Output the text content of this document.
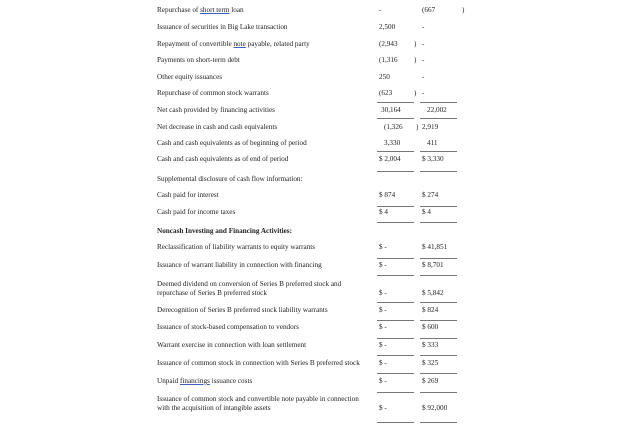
Repurchase of short term loan	-	(667	)
Issuance of securities in Big Lake transaction	2,500	-
Repayment of convertible note payable, related party	(2,943 ) -
Payments on short-term debt	(1,316 ) -
Other equity issuances	250	-
Repurchase of common stock warrants	(623	) -
Net cash provided by financing activities	30,164	22,002
Net decrease in cash and cash equivalents	(1,326 ) 2,919
Cash and cash equivalents as of beginning of period	3,330	411
Cash and cash equivalents as of end of period	$ 2,004	$ 3,330
Supplemental disclosure of cash flow information:
Cash paid for interest	$ 874	$ 274
Cash paid for income taxes	$ 4	$ 4
Noncash Investing and Financing Activities:
Reclassification of liability warrants to equity warrants	$ -	$ 41,851
Issuance of warrant liability in connection with financing	$ -	$ 8,701
Deemed dividend on conversion of Series B preferred stock and
repurchase of Series B preferred stock	$ -	$ 5,842
Derecognition of Series B preferred stock liability warrants	$ -	$ 824
Issuance of stock-based compensation to vendors	$ -	$ 600
Warrant exercise in connection with loan settlement	$ -	$ 333
Issuance of common stock in connection with Series B preferred stock	$ -	$ 325
Unpaid financings issuance costs	$ -	$ 269
Issuance of common stock and convertible note payable in connection
with the acquisition of intangible assets	$ -	$ 92,000
